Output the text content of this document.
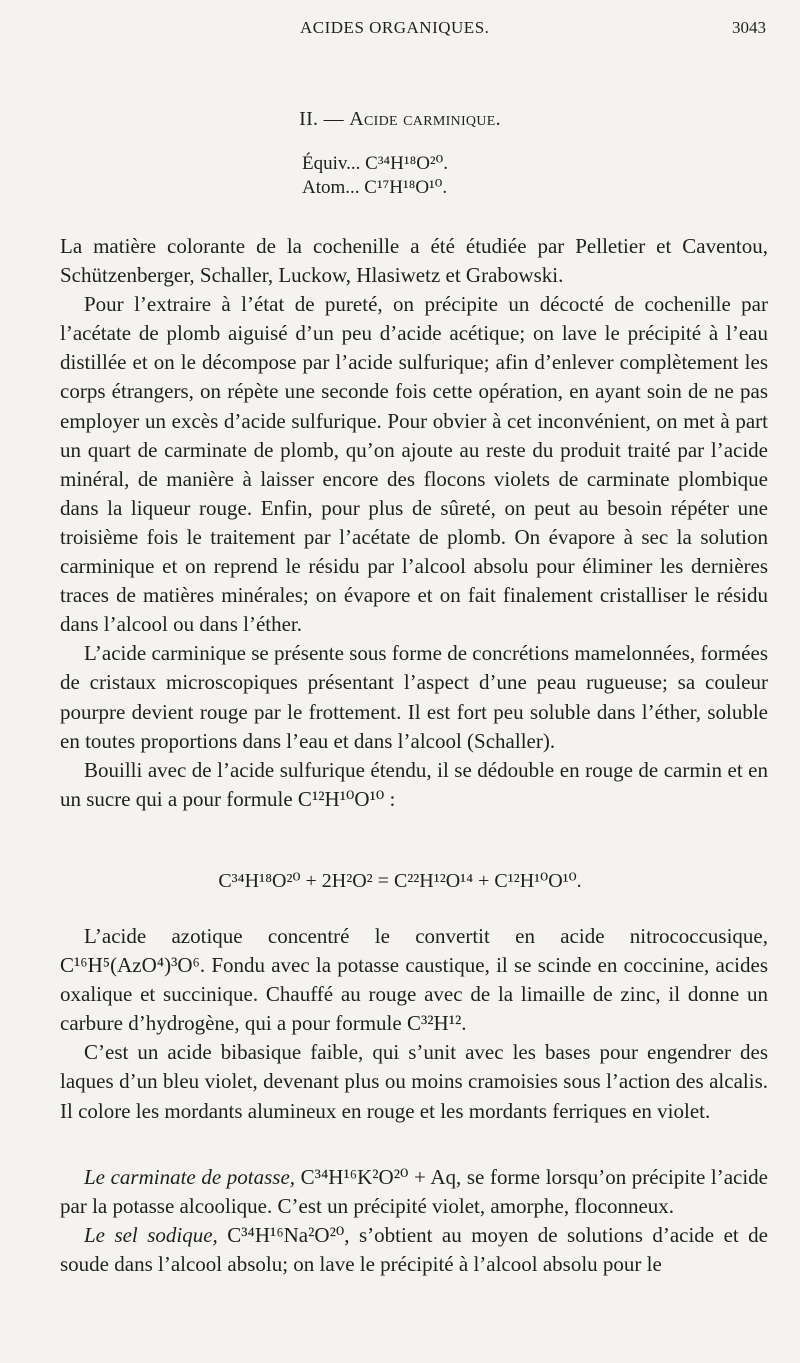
ACIDES ORGANIQUES.	3043
II. — Acide carminique.
Équiv... C³⁴H¹⁸O²⁰.
Atom... C¹⁷H¹⁸O¹⁰.

La matière colorante de la cochenille a été étudiée par Pelletier et Caventou, Schützenberger, Schaller, Luckow, Hlasiwetz et Grabowski.

Pour l’extraire à l’état de pureté, on précipite un décocté de cochenille par l’acétate de plomb aiguisé d’un peu d’acide acétique; on lave le précipité à l’eau distillée et on le décompose par l’acide sulfurique; afin d’enlever complètement les corps étrangers, on répète une seconde fois cette opération, en ayant soin de ne pas employer un excès d’acide sulfurique. Pour obvier à cet inconvénient, on met à part un quart de carminate de plomb, qu’on ajoute au reste du produit traité par l’acide minéral, de manière à laisser encore des flocons violets de carminate plombique dans la liqueur rouge. Enfin, pour plus de sûreté, on peut au besoin répéter une troisième fois le traitement par l’acétate de plomb. On évapore à sec la solution carminique et on reprend le résidu par l’alcool absolu pour éliminer les dernières traces de matières minérales; on évapore et on fait finalement cristalliser le résidu dans l’alcool ou dans l’éther.

L’acide carminique se présente sous forme de concrétions mamelonnées, formées de cristaux microscopiques présentant l’aspect d’une peau rugueuse; sa couleur pourpre devient rouge par le frottement. Il est fort peu soluble dans l’éther, soluble en toutes proportions dans l’eau et dans l’alcool (Schaller).

Bouilli avec de l’acide sulfurique étendu, il se dédouble en rouge de carmin et en un sucre qui a pour formule C¹²H¹⁰O¹⁰ :

C³⁴H¹⁸O²⁰ + 2H²O² = C²²H¹²O¹⁴ + C¹²H¹⁰O¹⁰.

L’acide azotique concentré le convertit en acide nitrococcusique, C¹⁶H⁵(AzO⁴)³O⁶. Fondu avec la potasse caustique, il se scinde en coccinine, acides oxalique et succinique. Chauffé au rouge avec de la limaille de zinc, il donne un carbure d’hydrogène, qui a pour formule C³²H¹².

C’est un acide bibasique faible, qui s’unit avec les bases pour engendrer des laques d’un bleu violet, devenant plus ou moins cramoisies sous l’action des alcalis. Il colore les mordants alumineux en rouge et les mordants ferriques en violet.

Le carminate de potasse, C³⁴H¹⁶K²O²⁰ + Aq, se forme lorsqu’on précipite l’acide par la potasse alcoolique. C’est un précipité violet, amorphe, floconneux.

Le sel sodique, C³⁴H¹⁶Na²O²⁰, s’obtient au moyen de solutions d’acide et de soude dans l’alcool absolu; on lave le précipité à l’alcool absolu pour le
